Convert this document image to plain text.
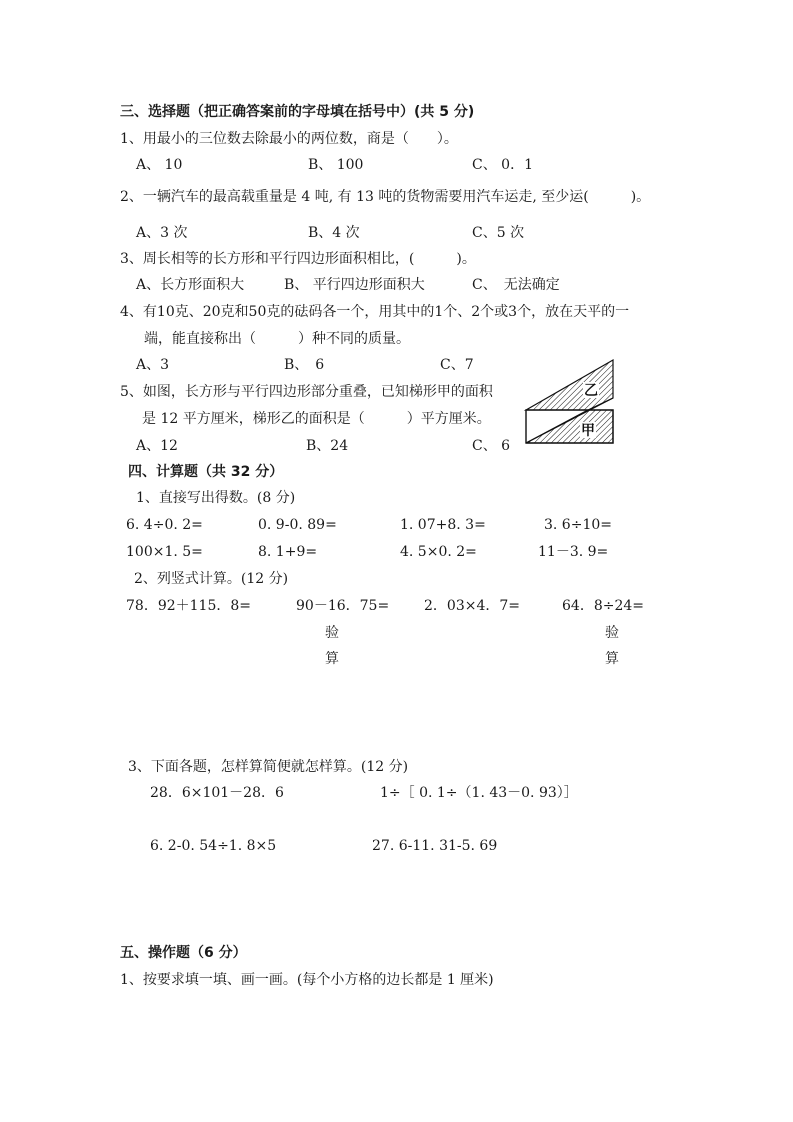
三、选择题（把正确答案前的字母填在括号中）(共 5 分)
1、用最小的三位数去除最小的两位数，商是（　　）。
A、 10	B、 100	C、 0．1
2、一辆汽车的最高载重量是 4 吨, 有 13 吨的货物需要用汽车运走, 至少运(　　　)。
A、3 次	B、4 次	C、5 次
3、周长相等的长方形和平行四边形面积相比，(　　　)。
A、长方形面积大	B、 平行四边形面积大	C、　无法确定
4、有10克、20克和50克的砝码各一个，用其中的1个、2个或3个，放在天平的一
端，能直接称出（　　　）种不同的质量。
A、3	B、　6	C、7
5、如图，长方形与平行四边形部分重叠，已知梯形甲的面积
是 12 平方厘米，梯形乙的面积是（　　　）平方厘米。
A、12	B、24	C、 6
乙
甲
四、计算题（共 32 分）
1、直接写出得数。(8 分)
6. 4÷0. 2=	0. 9-0. 89=	1. 07+8. 3=	3. 6÷10=
100×1. 5=	8. 1+9=	4. 5×0. 2=	11－3. 9=
2、列竖式计算。(12 分)
78．92＋115．8=	90－16．75= 2．03×4．7=	64．8÷24=
验
算
验
算
3、下面各题，怎样算简便就怎样算。(12 分)
28．6×101－28．6	1÷［ 0. 1÷（1. 43－0. 93）］
6. 2-0. 54÷1. 8×5	27. 6-11. 31-5. 69
五、操作题（6 分）
1、按要求填一填、画一画。(每个小方格的边长都是 1 厘米)
